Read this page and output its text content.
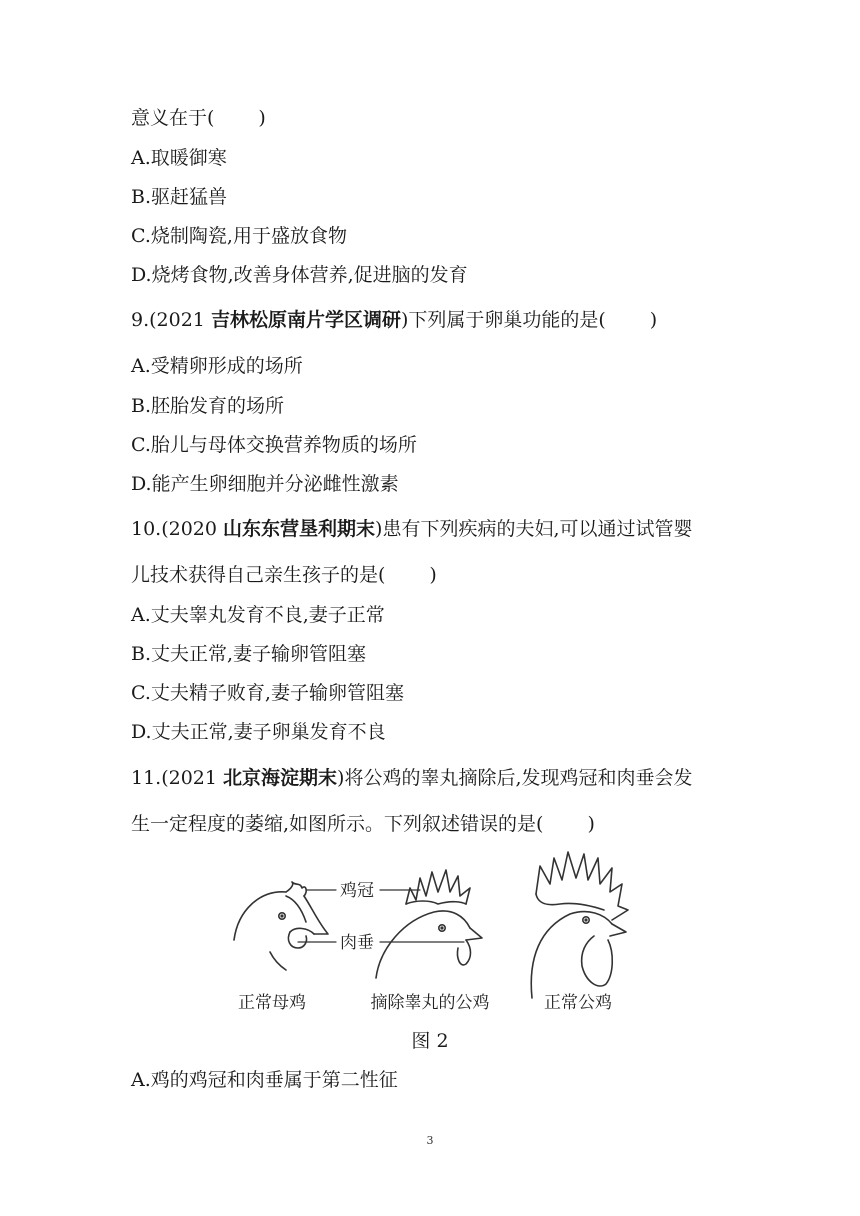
意义在于( )
A.取暖御寒
B.驱赶猛兽
C.烧制陶瓷,用于盛放食物
D.烧烤食物,改善身体营养,促进脑的发育
9.(2021 吉林松原南片学区调研)下列属于卵巢功能的是( )
A.受精卵形成的场所
B.胚胎发育的场所
C.胎儿与母体交换营养物质的场所
D.能产生卵细胞并分泌雌性激素
10.(2020 山东东营垦利期末)患有下列疾病的夫妇,可以通过试管婴
儿技术获得自己亲生孩子的是( )
A.丈夫睾丸发育不良,妻子正常
B.丈夫正常,妻子输卵管阻塞
C.丈夫精子败育,妻子输卵管阻塞
D.丈夫正常,妻子卵巢发育不良
11.(2021 北京海淀期末)将公鸡的睾丸摘除后,发现鸡冠和肉垂会发
生一定程度的萎缩,如图所示。下列叙述错误的是( )
鸡冠
肉垂
正常母鸡	摘除睾丸的公鸡	正常公鸡
图 2
A.鸡的鸡冠和肉垂属于第二性征
3
